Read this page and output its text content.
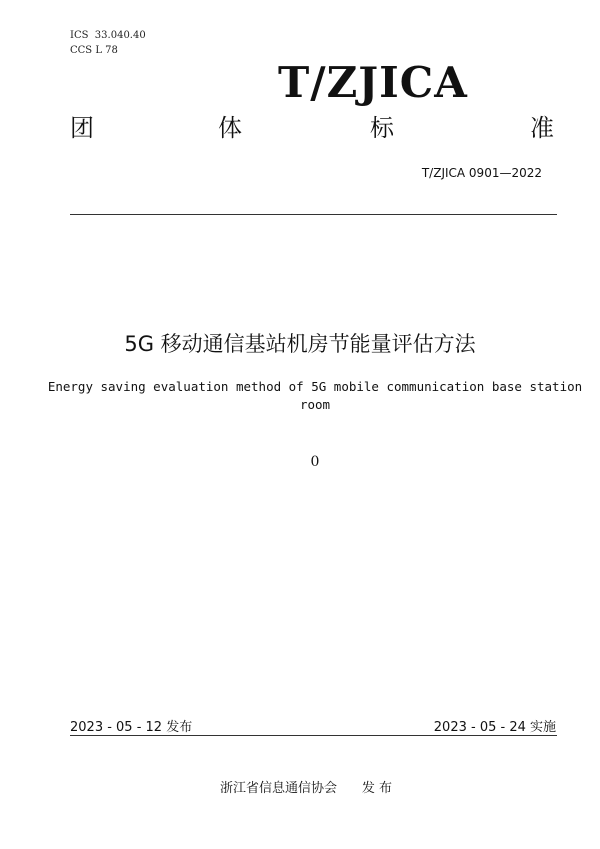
ICS  33.040.40
CCS L 78
T/ZJICA
团	体	标	准
T/ZJICA 0901—2022
5G 移动通信基站机房节能量评估方法
Energy saving evaluation method of 5G mobile communication base station
room
0
2023 - 05 - 12 发布	2023 - 05 - 24 实施
浙江省信息通信协会 发 布
